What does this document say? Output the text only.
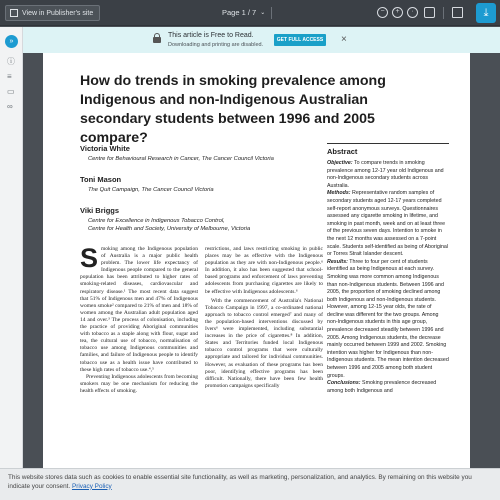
View in Publisher's site	Page 1 / 7 ⌄	−	+	·	⤓
This article is Free to Read.
Downloading and printing are disabled.
GET FULL ACCESS ×
»
ⓘ
≡
▭
∞
How do trends in smoking prevalence among Indigenous and non-Indigenous Australian secondary students between 1996 and 2005 compare?
Victoria White
Centre for Behavioural Research in Cancer, The Cancer Council Victoria
Toni Mason
The Quit Campaign, The Cancer Council Victoria
Viki Briggs
Centre for Excellence in Indigenous Tobacco Control,
Centre for Health and Society, University of Melbourne, Victoria

Smoking among the Indigenous population of Australia is a major public health problem. The lower life expectancy of Indigenous people compared to the general population has been attributed to higher rates of smoking-related diseases, cardiovascular and respiratory disease.¹ The most recent data suggest that 51% of Indigenous men and 47% of Indigenous women smoke² compared to 21% of men and 18% of women among the Australian adult population aged 14 and over.³ The process of colonisation, including the practice of providing Aboriginal communities with tobacco as a staple along with flour, sugar and tea, the cultural use of tobacco, normalisation of tobacco use among Indigenous communities and families, and failure of Indigenous people to identify tobacco use as a health issue have contributed to these high rates of tobacco use.⁴,⁵

Preventing Indigenous adolescents from becoming smokers may be one mechanism for reducing the health effects of smoking.

restrictions, and laws restricting smoking in public places may be as effective with the Indigenous population as they are with non-Indigenous people.⁶ In addition, it also has been suggested that school-based programs and enforcement of laws preventing adolescents from purchasing cigarettes are likely to be effective with Indigenous adolescents.⁶

With the commencement of Australia's National Tobacco Campaign in 1997, a co-ordinated national approach to tobacco control emerged⁷ and many of the population-based interventions discussed by Ivers⁶ were implemented, including substantial increases in the price of cigarettes.⁸ In addition, States and Territories funded local Indigenous tobacco control programs that were culturally appropriate and tailored for individual communities. However, as evaluation of these programs has been poor, identifying effective programs has been difficult. Nationally, there have been few health promotion campaigns specifically

Abstract
Objective: To compare trends in smoking prevalence among 12-17 year old Indigenous and non-Indigenous secondary students across Australia.
Methods: Representative random samples of secondary students aged 12-17 years completed self-report anonymous surveys. Questionnaires assessed any cigarette smoking in lifetime, and smoking in past month, week and on at least three of the previous seven days. Intention to smoke in the next 12 months was assessed on a 7-point scale. Students self-identified as being of Aboriginal or Torres Strait Islander descent.
Results: Three to four per cent of students identified as being Indigenous at each survey. Smoking was more common among Indigenous than non-Indigenous students. Between 1996 and 2005, the proportion of smoking declined among both Indigenous and non-Indigenous students. However, among 12-15 year olds, the rate of decline was different for the two groups. Among non-Indigenous students in this age group, prevalence decreased steadily between 1996 and 2005. Among Indigenous students, the decrease mainly occurred between 1999 and 2002. Smoking intention was higher for Indigenous than non-Indigenous students. The mean intention decreased between 1996 and 2005 among both student groups.
Conclusions: Smoking prevalence decreased among both Indigenous and
This website stores data such as cookies to enable essential site functionality, as well as marketing, personalization, and analytics. By remaining on this website you indicate your consent. Privacy Policy
